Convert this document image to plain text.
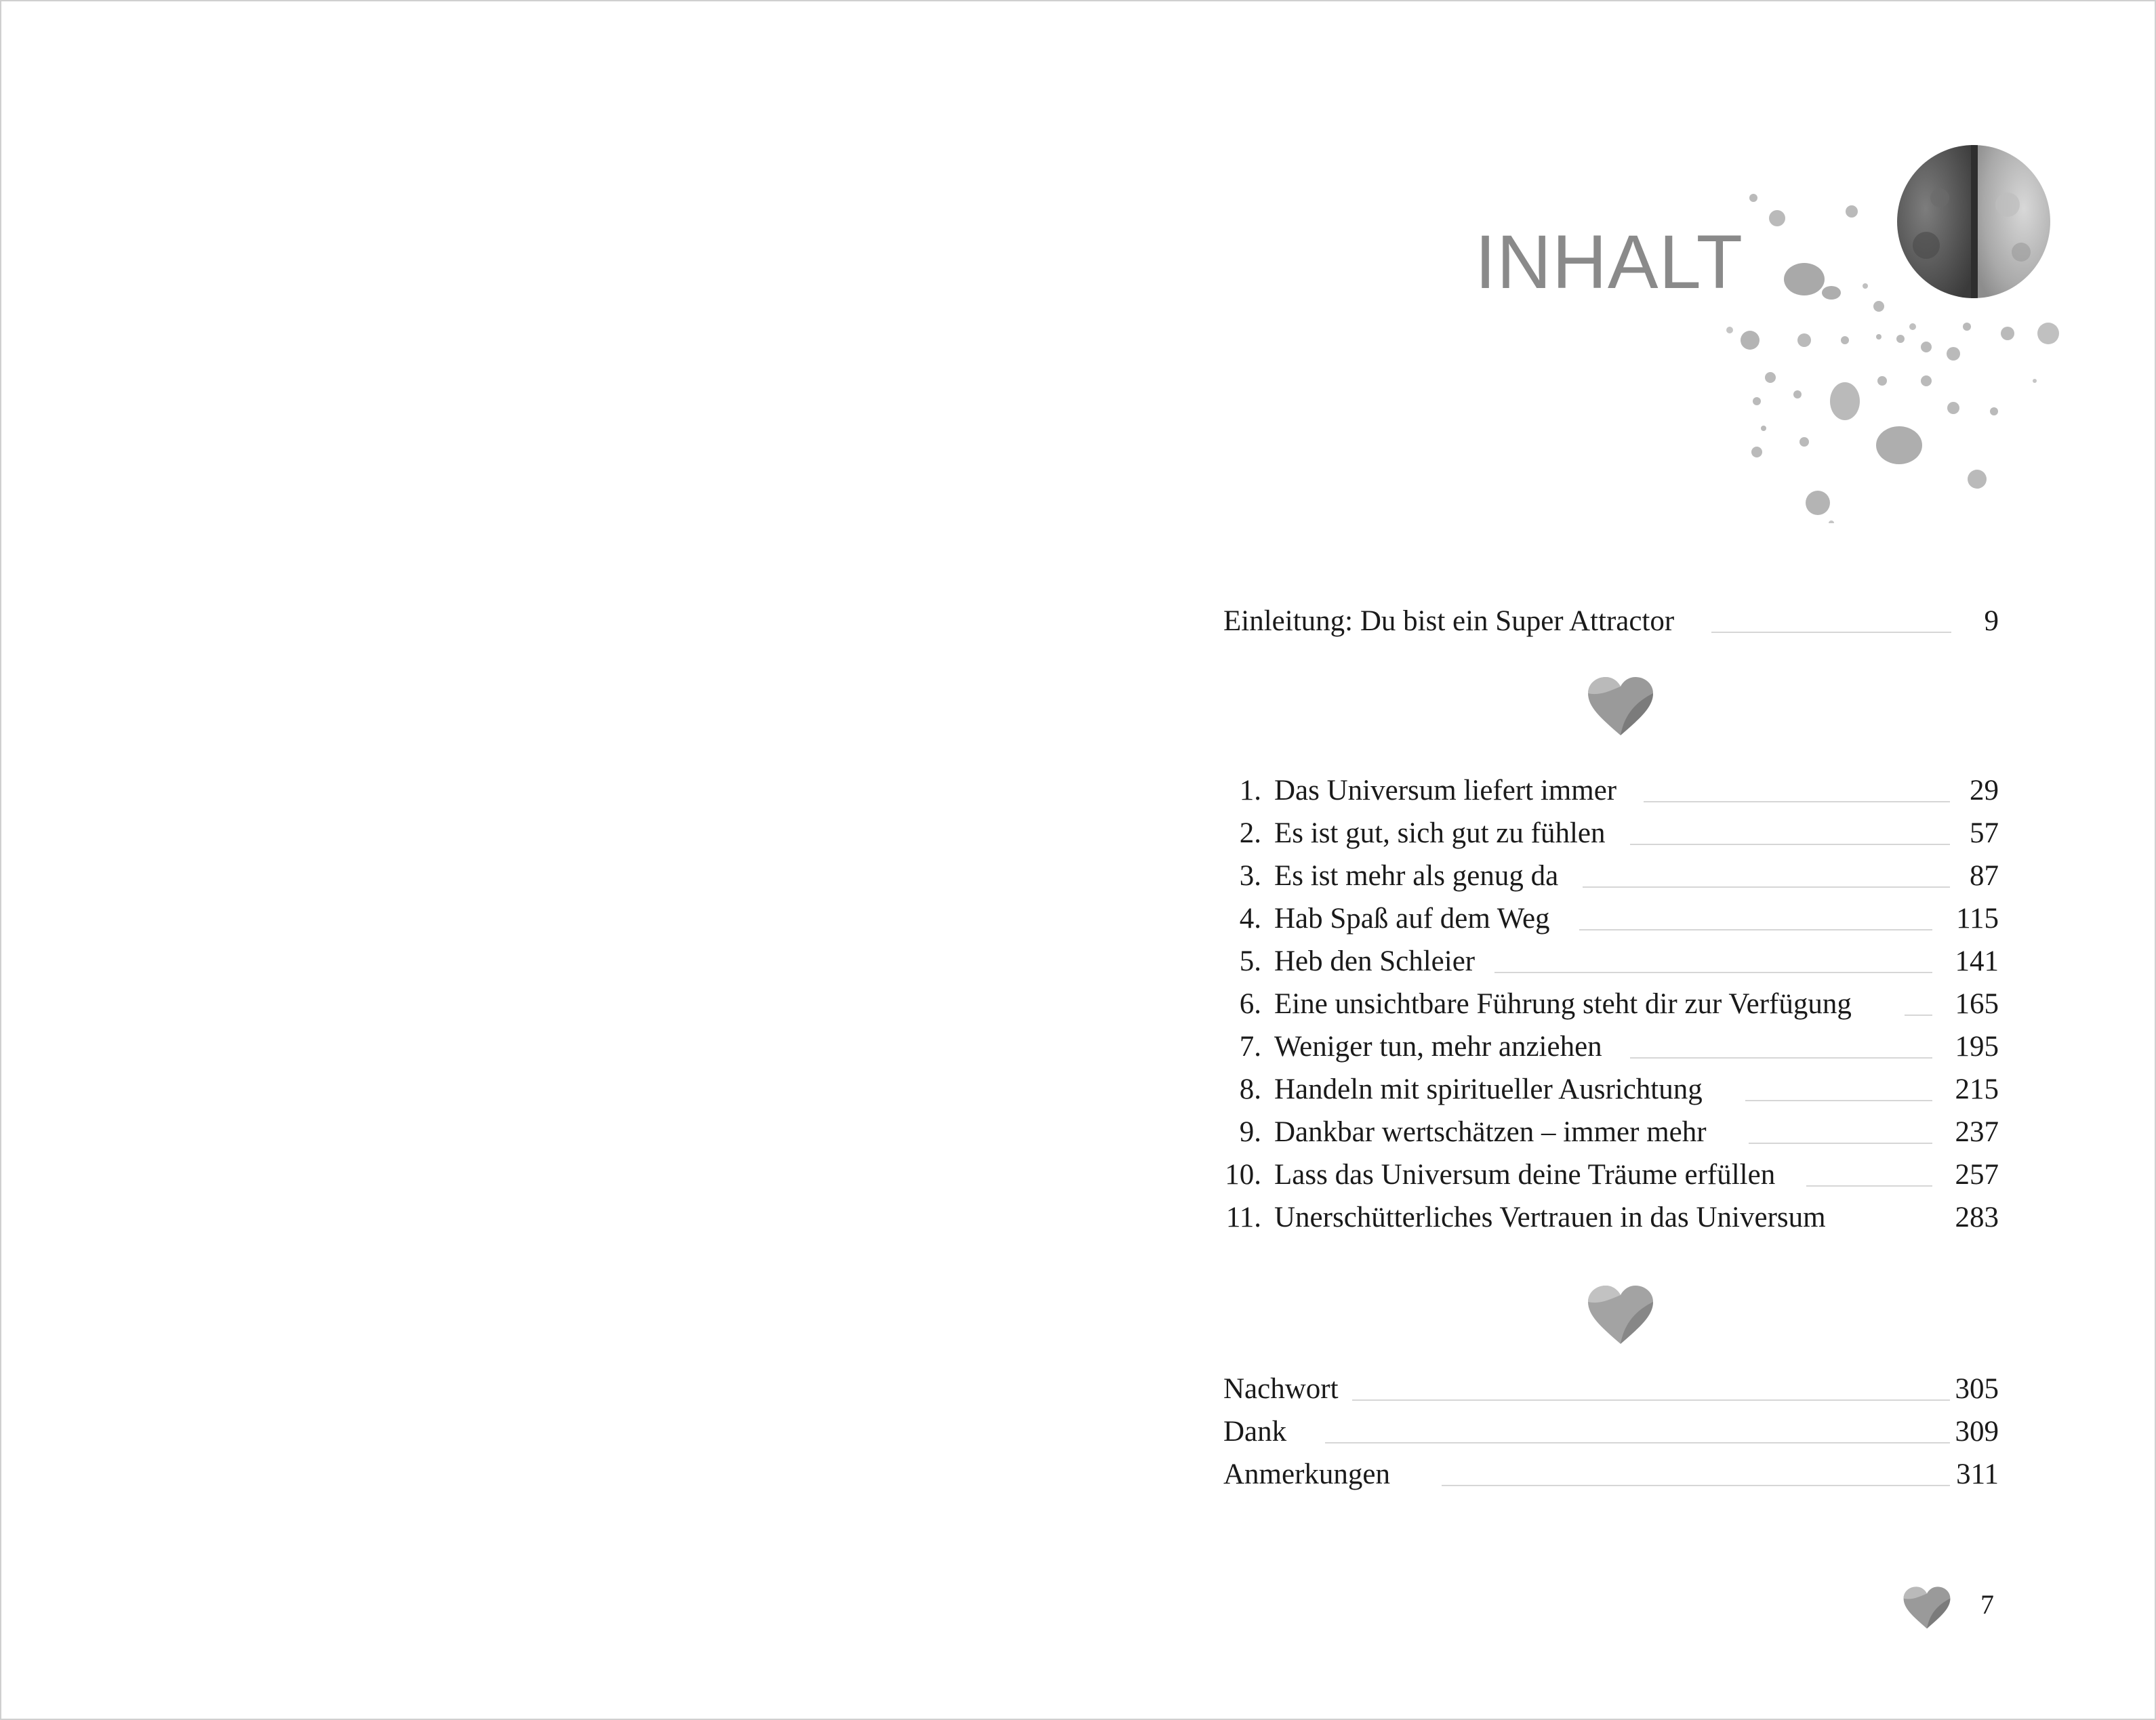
INHALT
Einleitung: Du bist ein Super Attractor	9
1. Das Universum liefert immer	29
2. Es ist gut, sich gut zu fühlen	57
3. Es ist mehr als genug da	87
4. Hab Spaß auf dem Weg	115
5. Heb den Schleier	141
6. Eine unsichtbare Führung steht dir zur Verfügung	165
7. Weniger tun, mehr anziehen	195
8. Handeln mit spiritueller Ausrichtung	215
9. Dankbar wertschätzen – immer mehr	237
10. Lass das Universum deine Träume erfüllen	257
11. Unerschütterliches Vertrauen in das Universum	283
Nachwort	305
Dank	309
Anmerkungen	311
7
